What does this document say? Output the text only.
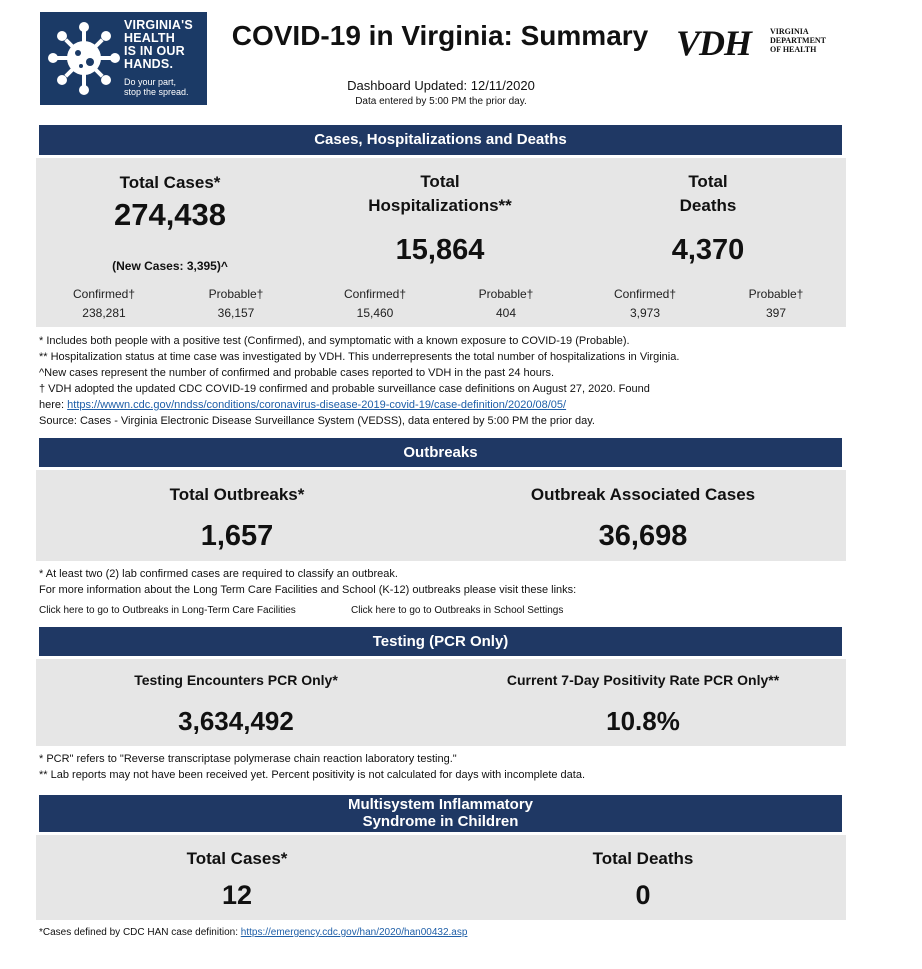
VIRGINIA'S
HEALTH
IS IN OUR
HANDS.
Do your part,
stop the spread.
COVID-19 in Virginia: Summary VDH VIRGINIA
DEPARTMENT
OF HEALTH
Dashboard Updated: 12/11/2020
Data entered by 5:00 PM the prior day.
Cases, Hospitalizations and Deaths
Total Cases*
274,438
(New Cases: 3,395)^
Total
Hospitalizations**
15,864
Total
Deaths
4,370
Confirmed†
238,281
Probable†
36,157
Confirmed†
15,460
Probable†
404
Confirmed†
3,973
Probable†
397
* Includes both people with a positive test (Confirmed), and symptomatic with a known exposure to COVID-19 (Probable).
** Hospitalization status at time case was investigated by VDH. This underrepresents the total number of hospitalizations in Virginia.
^New cases represent the number of confirmed and probable cases reported to VDH in the past 24 hours.
† VDH adopted the updated CDC COVID-19 confirmed and probable surveillance case definitions on August 27, 2020. Found
here: https://wwwn.cdc.gov/nndss/conditions/coronavirus-disease-2019-covid-19/case-definition/2020/08/05/
Source: Cases - Virginia Electronic Disease Surveillance System (VEDSS), data entered by 5:00 PM the prior day.
Outbreaks
Total Outbreaks*
1,657
Outbreak Associated Cases
36,698
* At least two (2) lab confirmed cases are required to classify an outbreak.
For more information about the Long Term Care Facilities and School (K-12) outbreaks please visit these links:
Click here to go to Outbreaks in Long-Term Care Facilities	Click here to go to Outbreaks in School Settings
Testing (PCR Only)
Testing Encounters PCR Only*
3,634,492
Current 7-Day Positivity Rate PCR Only**
10.8%
* PCR" refers to "Reverse transcriptase polymerase chain reaction laboratory testing."
** Lab reports may not have been received yet. Percent positivity is not calculated for days with incomplete data.
Multisystem Inflammatory
Syndrome in Children
Total Cases*
12
Total Deaths
0
*Cases defined by CDC HAN case definition: https://emergency.cdc.gov/han/2020/han00432.asp
